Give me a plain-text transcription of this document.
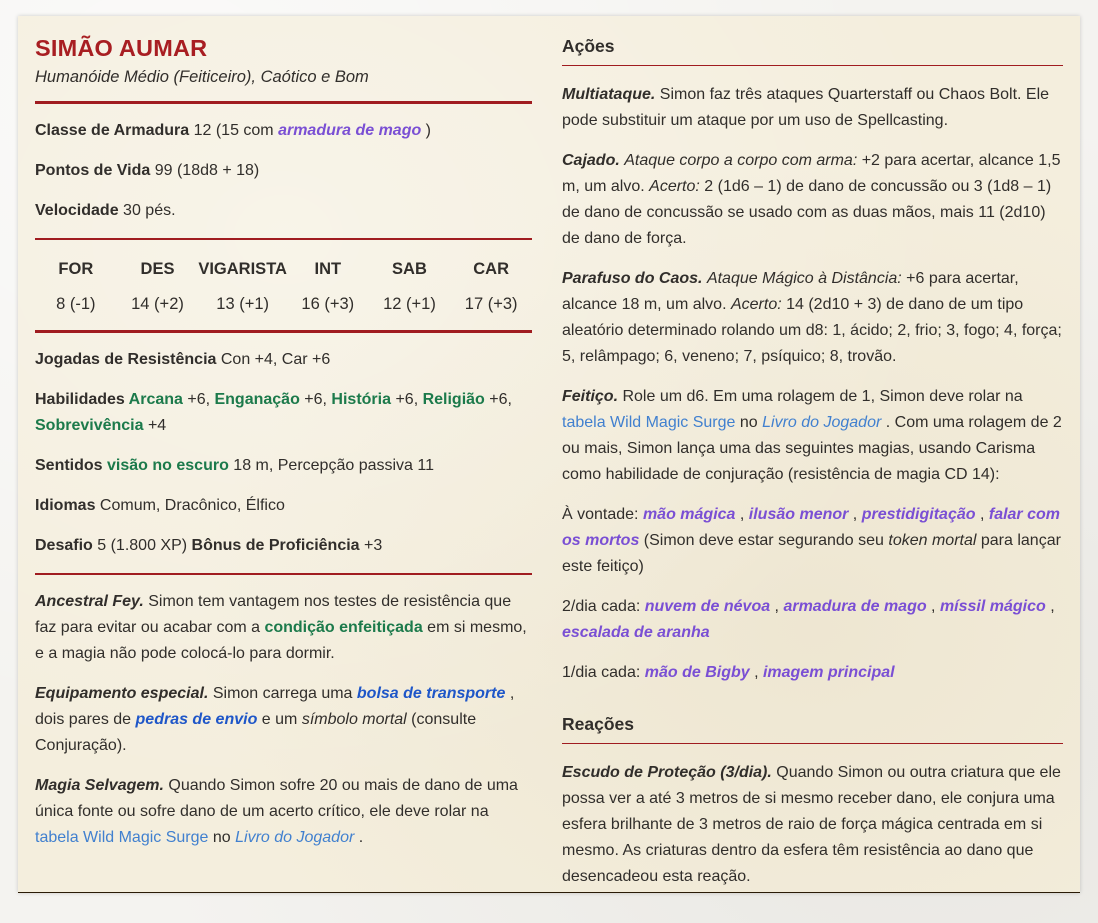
SIMÃO AUMAR
Humanóide Médio (Feiticeiro), Caótico e Bom

Classe de Armadura 12 (15 com armadura de mago )

Pontos de Vida 99 (18d8 + 18)

Velocidade 30 pés.

FOR
8 (-1)
DES
14 (+2)
VIGARISTA
13 (+1)
INT
16 (+3)
SAB
12 (+1)
CAR
17 (+3)

Jogadas de Resistência Con +4, Car +6

Habilidades Arcana +6, Enganação +6, História +6, Religião +6, Sobrevivência +4

Sentidos visão no escuro 18 m, Percepção passiva 11

Idiomas Comum, Dracônico, Élfico

Desafio 5 (1.800 XP) Bônus de Proficiência +3

Ancestral Fey. Simon tem vantagem nos testes de resistência que faz para evitar ou acabar com a condição enfeitiçada em si mesmo, e a magia não pode colocá-lo para dormir.

Equipamento especial. Simon carrega uma bolsa de transporte , dois pares de pedras de envio e um símbolo mortal (consulte Conjuração).

Magia Selvagem. Quando Simon sofre 20 ou mais de dano de uma única fonte ou sofre dano de um acerto crítico, ele deve rolar na tabela Wild Magic Surge no Livro do Jogador .

Ações

Multiataque. Simon faz três ataques Quarterstaff ou Chaos Bolt. Ele pode substituir um ataque por um uso de Spellcasting.

Cajado. Ataque corpo a corpo com arma: +2 para acertar, alcance 1,5 m, um alvo. Acerto: 2 (1d6 – 1) de dano de concussão ou 3 (1d8 – 1) de dano de concussão se usado com as duas mãos, mais 11 (2d10) de dano de força.

Parafuso do Caos. Ataque Mágico à Distância: +6 para acertar, alcance 18 m, um alvo. Acerto: 14 (2d10 + 3) de dano de um tipo aleatório determinado rolando um d8: 1, ácido; 2, frio; 3, fogo; 4, força; 5, relâmpago; 6, veneno; 7, psíquico; 8, trovão.

Feitiço. Role um d6. Em uma rolagem de 1, Simon deve rolar na tabela Wild Magic Surge no Livro do Jogador . Com uma rolagem de 2 ou mais, Simon lança uma das seguintes magias, usando Carisma como habilidade de conjuração (resistência de magia CD 14):

À vontade: mão mágica , ilusão menor , prestidigitação , falar com os mortos (Simon deve estar segurando seu token mortal para lançar este feitiço)

2/dia cada: nuvem de névoa , armadura de mago , míssil mágico , escalada de aranha

1/dia cada: mão de Bigby , imagem principal

Reações

Escudo de Proteção (3/dia). Quando Simon ou outra criatura que ele possa ver a até 3 metros de si mesmo receber dano, ele conjura uma esfera brilhante de 3 metros de raio de força mágica centrada em si mesmo. As criaturas dentro da esfera têm resistência ao dano que desencadeou esta reação.
